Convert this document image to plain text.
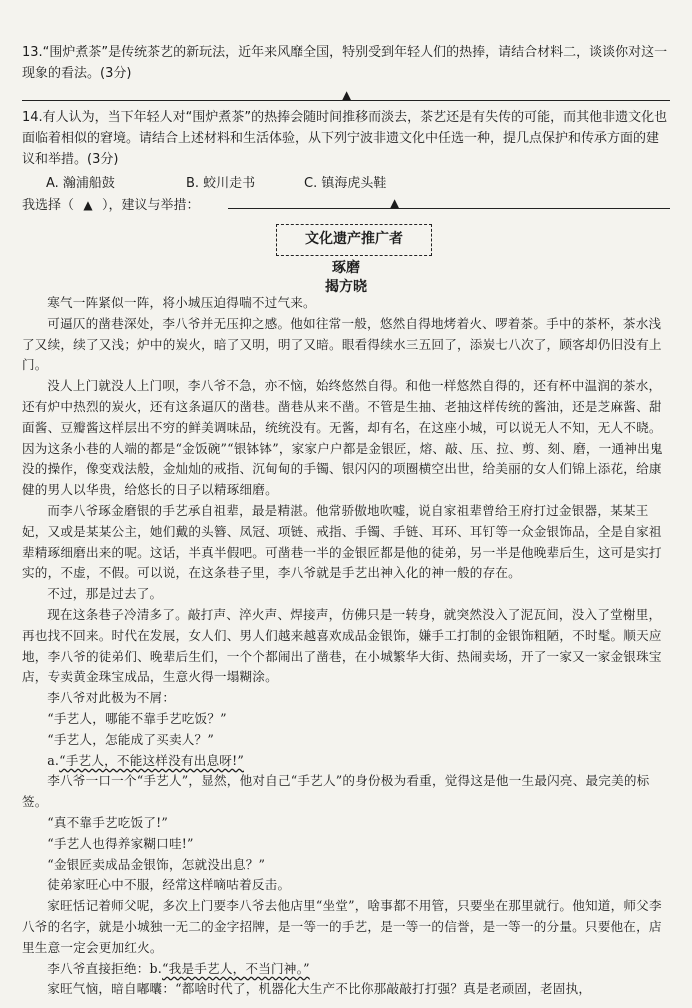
13.“围炉煮茶”是传统茶艺的新玩法，近年来风靡全国，特别受到年轻人们的热捧，请结合材料二，谈谈你对这一现象的看法。(3分)
▲
14.有人认为，当下年轻人对“围炉煮茶”的热捧会随时间推移而淡去，茶艺还是有失传的可能，而其他非遗文化也面临着相似的窘境。请结合上述材料和生活体验，从下列宁波非遗文化中任选一种，提几点保护和传承方面的建议和举措。(3分)
A. 瀚浦船鼓	B. 蛟川走书	C. 镇海虎头鞋
我选择（ ▲ ），建议与举措：	▲
文化遗产推广者
琢磨
揭方晓

寒气一阵紧似一阵，将小城压迫得喘不过气来。

可逼仄的凿巷深处，李八爷并无压抑之感。他如往常一般，悠然自得地烤着火、啰着茶。手中的茶杯，茶水浅了又续，续了又浅；炉中的炭火，暗了又明，明了又暗。眼看得续水三五回了，添炭七八次了，顾客却仍旧没有上门。

没人上门就没人上门呗，李八爷不急，亦不恼，始终悠然自得。和他一样悠然自得的，还有杯中温润的茶水，还有炉中热烈的炭火，还有这条逼仄的凿巷。凿巷从来不凿。不管是生抽、老抽这样传统的酱油，还是芝麻酱、甜面酱、豆瓣酱这样层出不穷的鲜美调味品，统统没有。无酱，却有名，在这座小城，可以说无人不知，无人不晓。因为这条小巷的人端的都是“金饭碗”“银钵钵”，家家户户都是金银匠，熔、敲、压、拉、剪、刻、磨，一通神出鬼没的操作，像变戏法般，金灿灿的戒指、沉甸甸的手镯、银闪闪的项圈横空出世，给美丽的女人们锦上添花，给康健的男人以华贵，给悠长的日子以精琢细磨。

而李八爷琢金磨银的手艺承自祖辈，最是精湛。他常骄傲地吹嘘，说自家祖辈曾给王府打过金银器，某某王妃，又或是某某公主，她们戴的头簪、凤冠、项链、戒指、手镯、手链、耳环、耳钉等一众金银饰品，全是自家祖辈精琢细磨出来的呢。这话，半真半假吧。可凿巷一半的金银匠都是他的徒弟，另一半是他晚辈后生，这可是实打实的，不虚，不假。可以说，在这条巷子里，李八爷就是手艺出神入化的神一般的存在。

不过，那是过去了。

现在这条巷子冷清多了。敲打声、淬火声、焊接声，仿佛只是一转身，就突然没入了泥瓦间，没入了堂榭里，再也找不回来。时代在发展，女人们、男人们越来越喜欢成品金银饰，嫌手工打制的金银饰粗陋，不时髦。顺天应地，李八爷的徒弟们、晚辈后生们，一个个都闹出了凿巷，在小城繁华大街、热闹卖场，开了一家又一家金银珠宝店，专卖黄金珠宝成品，生意火得一塌糊涂。

李八爷对此极为不屑：

“手艺人，哪能不靠手艺吃饭？”

“手艺人，怎能成了买卖人？”

a.“手艺人，不能这样没有出息呀!”

李八爷一口一个“手艺人”，显然，他对自己“手艺人”的身份极为看重，觉得这是他一生最闪亮、最完美的标签。

“真不靠手艺吃饭了!”

“手艺人也得养家糊口哇!”

“金银匠卖成品金银饰，怎就没出息？”

徒弟家旺心中不服，经常这样嘀咕着反击。

家旺恬记着师父呢，多次上门要李八爷去他店里“坐堂”，啥事都不用管，只要坐在那里就行。他知道，师父李八爷的名字，就是小城独一无二的金字招牌，是一等一的手艺，是一等一的信誉，是一等一的分量。只要他在，店里生意一定会更加红火。

李八爷直接拒绝：b.“我是手艺人，不当门神。”

家旺气恼，暗自嘟囔：“都啥时代了，机器化大生产不比你那敲敲打打强？真是老顽固，老固执，
